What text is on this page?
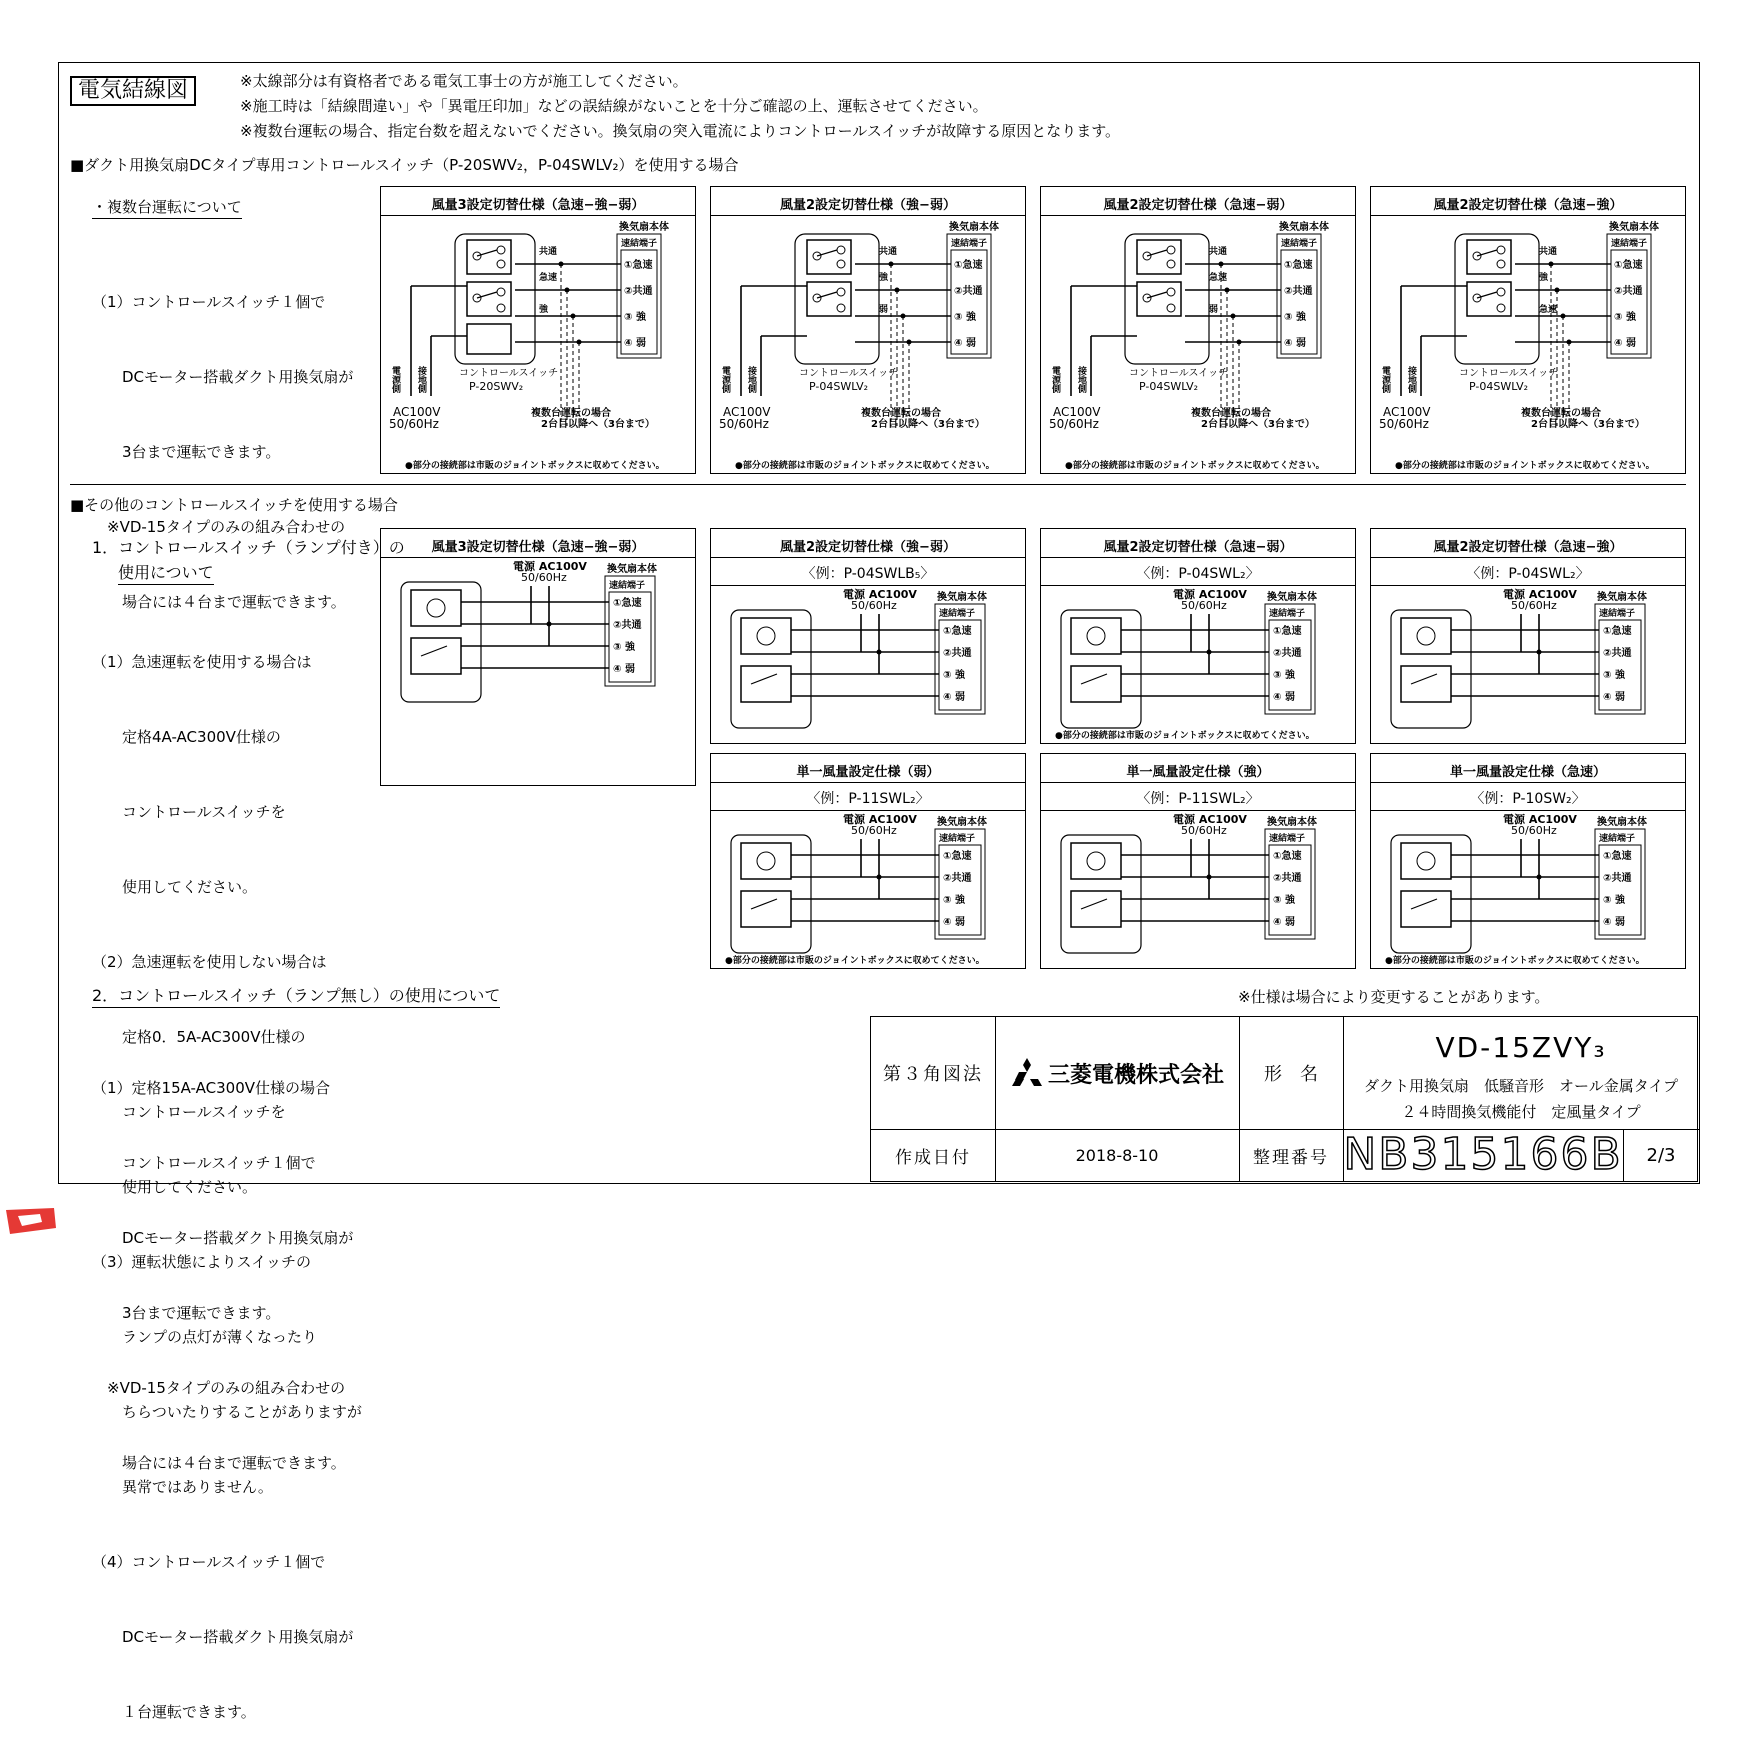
電気結線図	※太線部分は有資格者である電気工事士の方が施工してください。
※施工時は「結線間違い」や「異電圧印加」などの誤結線がないことを十分ご確認の上、運転させてください。
※複数台運転の場合、指定台数を超えないでください。換気扇の突入電流によりコントロールスイッチが故障する原因となります。
■ダクト用換気扇DCタイプ専用コントロールスイッチ（P-20SWV₂，P-04SWLV₂）を使用する場合
・複数台運転について

（1）コントロールスイッチ１個で

　　DCモーター搭載ダクト用換気扇が

　　3台まで運転できます。

　※VD-15タイプのみの組み合わせの

　　場合には４台まで運転できます。

風量3設定切替仕様（急速−強−弱）
換気扇本体
速結端子
①急速
②共通
③ 強
④ 弱
共通
急速
強
電源側 接地側	コントロールスイッチ
P-20SWV₂
AC100V
50/60Hz
複数台運転の場合
2台目以降へ（3台まで）
●部分の接続部は市販のジョイントボックスに収めてください。
風量2設定切替仕様（強−弱）
換気扇本体
速結端子
①急速
②共通
③ 強
④ 弱
共通
強
弱
電源側 接地側	コントロールスイッチ
P-04SWLV₂
AC100V
50/60Hz
複数台運転の場合
2台目以降へ（3台まで）
●部分の接続部は市販のジョイントボックスに収めてください。
風量2設定切替仕様（急速−弱）
換気扇本体
速結端子
①急速
②共通
③ 強
④ 弱
共通
急速
弱
電源側 接地側	コントロールスイッチ
P-04SWLV₂
AC100V
50/60Hz
複数台運転の場合
2台目以降へ（3台まで）
●部分の接続部は市販のジョイントボックスに収めてください。
風量2設定切替仕様（急速−強）
換気扇本体
速結端子
①急速
②共通
③ 強
④ 弱
共通
強
急速
電源側 接地側	コントロールスイッチ
P-04SWLV₂
AC100V
50/60Hz
複数台運転の場合
2台目以降へ（3台まで）
●部分の接続部は市販のジョイントボックスに収めてください。
■その他のコントロールスイッチを使用する場合
1．コントロールスイッチ（ランプ付き）の
使用について

（1）急速運転を使用する場合は

　　定格4A-AC300V仕様の

　　コントロールスイッチを

　　使用してください。

（2）急速運転を使用しない場合は

　　定格0．5A-AC300V仕様の

　　コントロールスイッチを

　　使用してください。

（3）運転状態によりスイッチの

　　ランプの点灯が薄くなったり

　　ちらついたりすることがありますが

　　異常ではありません。

（4）コントロールスイッチ１個で

　　DCモーター搭載ダクト用換気扇が

　　１台運転できます。

2．コントロールスイッチ（ランプ無し）の使用について

（1）定格15A-AC300V仕様の場合

　　コントロールスイッチ１個で

　　DCモーター搭載ダクト用換気扇が

　　3台まで運転できます。

　※VD-15タイプのみの組み合わせの

　　場合には４台まで運転できます。

風量3設定切替仕様（急速−強−弱）
換気扇本体
速結端子
①急速
②共通
③ 強
④ 弱
電源 AC100V
50/60Hz
風量2設定切替仕様（強−弱）
〈例：P-04SWLB₅〉
換気扇本体
速結端子
①急速
②共通
③ 強
④ 弱
電源 AC100V
50/60Hz
風量2設定切替仕様（急速−弱）
〈例：P-04SWL₂〉
換気扇本体
速結端子
①急速
②共通
③ 強
④ 弱
電源 AC100V
50/60Hz
●部分の接続部は市販のジョイントボックスに収めてください。
風量2設定切替仕様（急速−強）
〈例：P-04SWL₂〉
換気扇本体
速結端子
①急速
②共通
③ 強
④ 弱
電源 AC100V
50/60Hz
単一風量設定仕様（弱）
〈例：P-11SWL₂〉
換気扇本体
速結端子
①急速
②共通
③ 強
④ 弱
電源 AC100V
50/60Hz
●部分の接続部は市販のジョイントボックスに収めてください。
単一風量設定仕様（強）
〈例：P-11SWL₂〉
換気扇本体
速結端子
①急速
②共通
③ 強
④ 弱
電源 AC100V
50/60Hz
単一風量設定仕様（急速）
〈例：P-10SW₂〉
換気扇本体
速結端子
①急速
②共通
③ 強
④ 弱
電源 AC100V
50/60Hz
●部分の接続部は市販のジョイントボックスに収めてください。
※仕様は場合により変更することがあります。
第３角図法	三菱電機株式会社 形　名
VD-15ZVY₃
ダクト用換気扇　低騒音形　オール金属タイプ
２４時間換気機能付　定風量タイプ
作成日付	2018-8-10	整理番号 NB315166B 2/3
